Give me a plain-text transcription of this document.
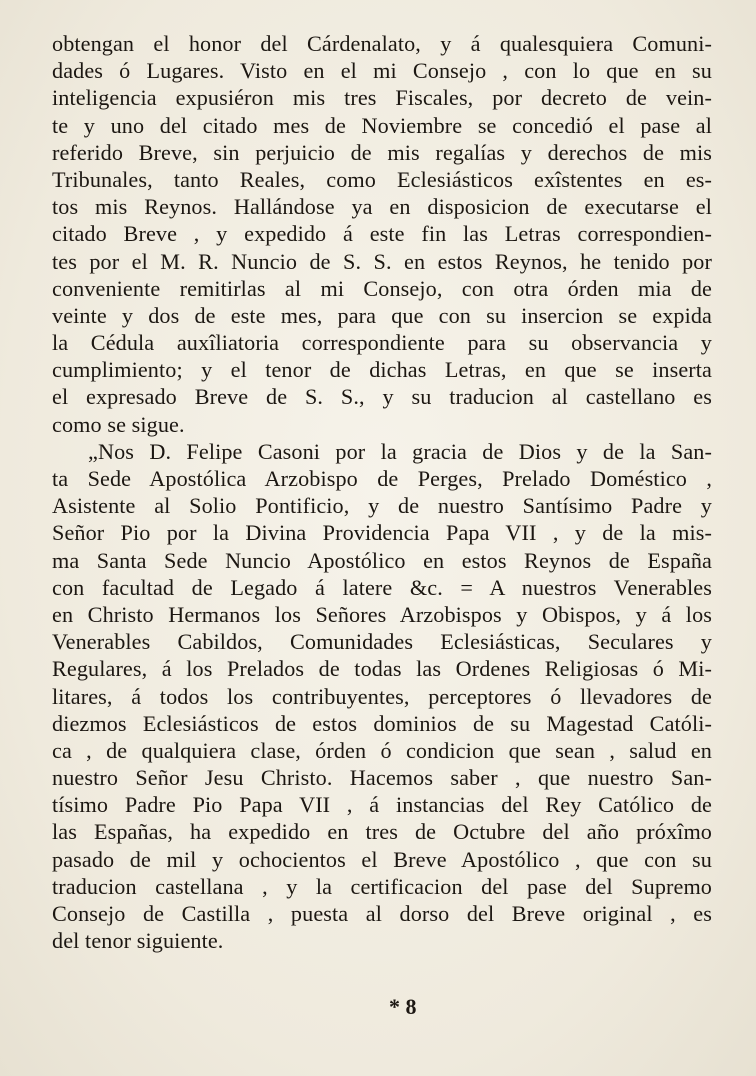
obtengan el honor del Cárdenalato, y á qualesquiera Comuni-
dades ó Lugares. Visto en el mi Consejo , con lo que en su
inteligencia expusiéron mis tres Fiscales, por decreto de vein-
te y uno del citado mes de Noviembre se concedió el pase al
referido Breve, sin perjuicio de mis regalías y derechos de mis
Tribunales, tanto Reales, como Eclesiásticos exîstentes en es-
tos mis Reynos. Hallándose ya en disposicion de executarse el
citado Breve , y expedido á este fin las Letras correspondien-
tes por el M. R. Nuncio de S. S. en estos Reynos, he tenido por
conveniente remitirlas al mi Consejo, con otra órden mia de
veinte y dos de este mes, para que con su insercion se expida
la Cédula auxîliatoria correspondiente para su observancia y
cumplimiento; y el tenor de dichas Letras, en que se inserta
el expresado Breve de S. S., y su traducion al castellano es
como se sigue.
„Nos D. Felipe Casoni por la gracia de Dios y de la San-
ta Sede Apostólica Arzobispo de Perges, Prelado Doméstico ,
Asistente al Solio Pontificio, y de nuestro Santísimo Padre y
Señor Pio por la Divina Providencia Papa VII , y de la mis-
ma Santa Sede Nuncio Apostólico en estos Reynos de España
con facultad de Legado á latere &c. = A nuestros Venerables
en Christo Hermanos los Señores Arzobispos y Obispos, y á los
Venerables Cabildos, Comunidades Eclesiásticas, Seculares y
Regulares, á los Prelados de todas las Ordenes Religiosas ó Mi-
litares, á todos los contribuyentes, perceptores ó llevadores de
diezmos Eclesiásticos de estos dominios de su Magestad Católi-
ca , de qualquiera clase, órden ó condicion que sean , salud en
nuestro Señor Jesu Christo. Hacemos saber , que nuestro San-
tísimo Padre Pio Papa VII , á instancias del Rey Católico de
las Españas, ha expedido en tres de Octubre del año próxîmo
pasado de mil y ochocientos el Breve Apostólico , que con su
traducion castellana , y la certificacion del pase del Supremo
Consejo de Castilla , puesta al dorso del Breve original , es
del tenor siguiente.
* 8
